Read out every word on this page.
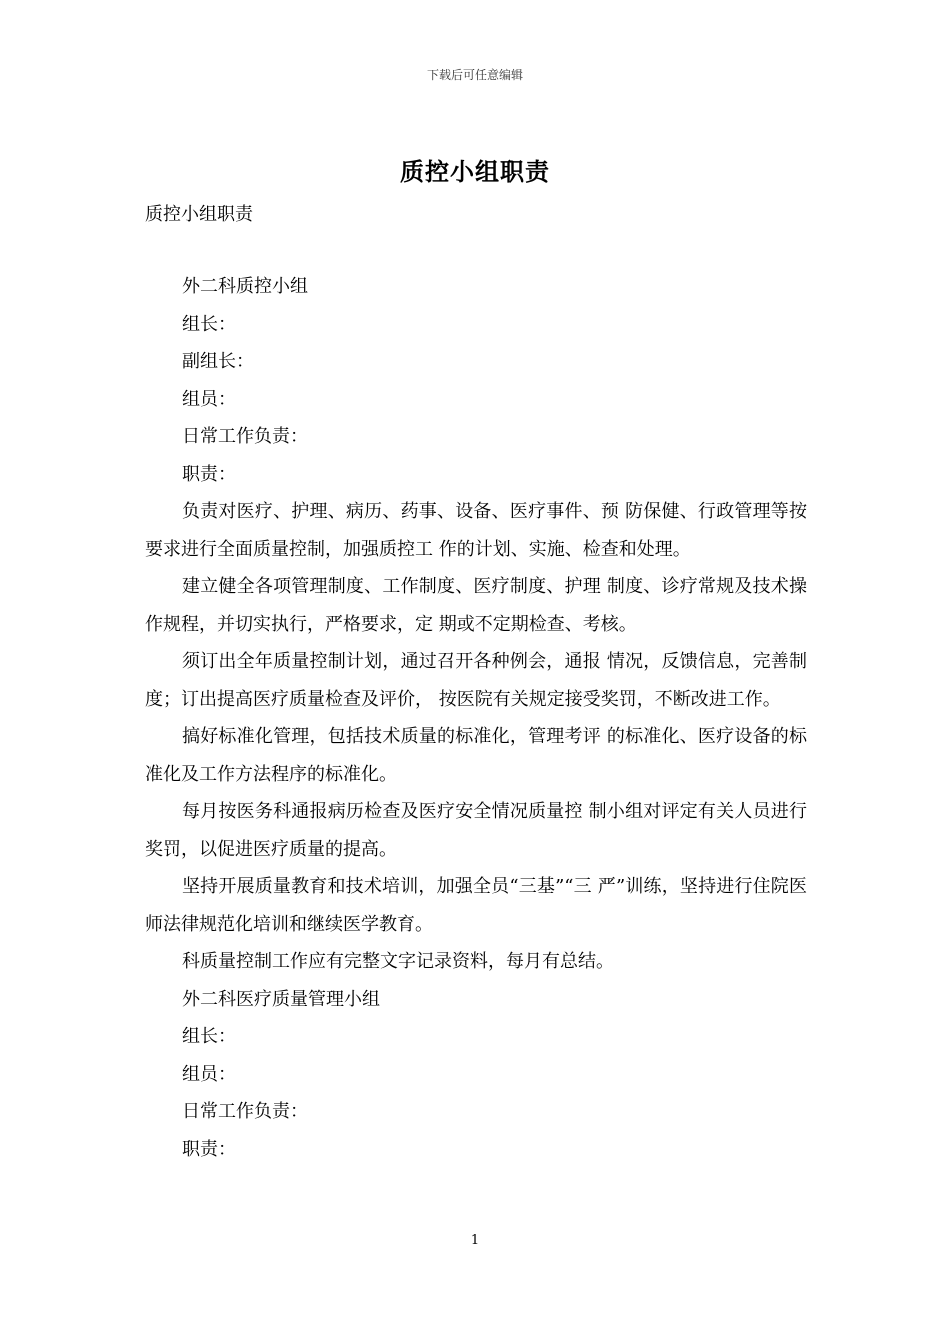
下载后可任意编辑
质控小组职责
质控小组职责

外二科质控小组

组长：

副组长：

组员：

日常工作负责：

职责：

负责对医疗、护理、病历、药事、设备、医疗事件、预 防保健、行政管理等按要求进行全面质量控制，加强质控工 作的计划、实施、检查和处理。

建立健全各项管理制度、工作制度、医疗制度、护理 制度、诊疗常规及技术操作规程，并切实执行，严格要求，定 期或不定期检查、考核。

须订出全年质量控制计划，通过召开各种例会，通报 情况，反馈信息，完善制度；订出提高医疗质量检查及评价， 按医院有关规定接受奖罚，不断改进工作。

搞好标准化管理，包括技术质量的标准化，管理考评 的标准化、医疗设备的标准化及工作方法程序的标准化。

每月按医务科通报病历检查及医疗安全情况质量控 制小组对评定有关人员进行奖罚，以促进医疗质量的提高。

坚持开展质量教育和技术培训，加强全员“三基”“三 严”训练，坚持进行住院医师法律规范化培训和继续医学教育。

科质量控制工作应有完整文字记录资料，每月有总结。

外二科医疗质量管理小组

组长：

组员：

日常工作负责：

职责：

1
